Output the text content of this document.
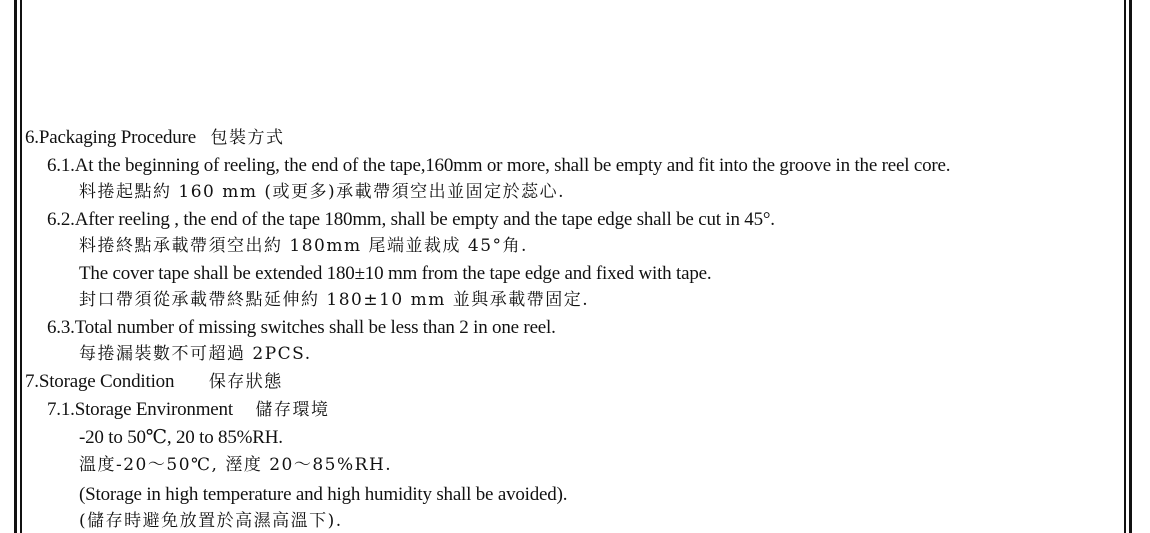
6.Packaging Procedure 包裝方式
6.1.At the beginning of reeling, the end of the tape,160mm or more, shall be empty and fit into the groove in the reel core.
料捲起點約 160 mm (或更多)承載帶須空出並固定於蕊心.
6.2.After reeling , the end of the tape 180mm, shall be empty and the tape edge shall be cut in 45°.
料捲終點承載帶須空出約 180mm 尾端並裁成 45°角.
The cover tape shall be extended 180±10 mm from the tape edge and fixed with tape.
封口帶須從承載帶終點延伸約 180±10 mm 並與承載帶固定.
6.3.Total number of missing switches shall be less than 2 in one reel.
每捲漏裝數不可超過 2PCS.
7.Storage Condition 保存狀態
7.1.Storage Environment 儲存環境
-20 to 50℃, 20 to 85%RH.
溫度-20～50℃, 溼度 20～85%RH.
(Storage in high temperature and high humidity shall be avoided).
(儲存時避免放置於高濕高溫下).
